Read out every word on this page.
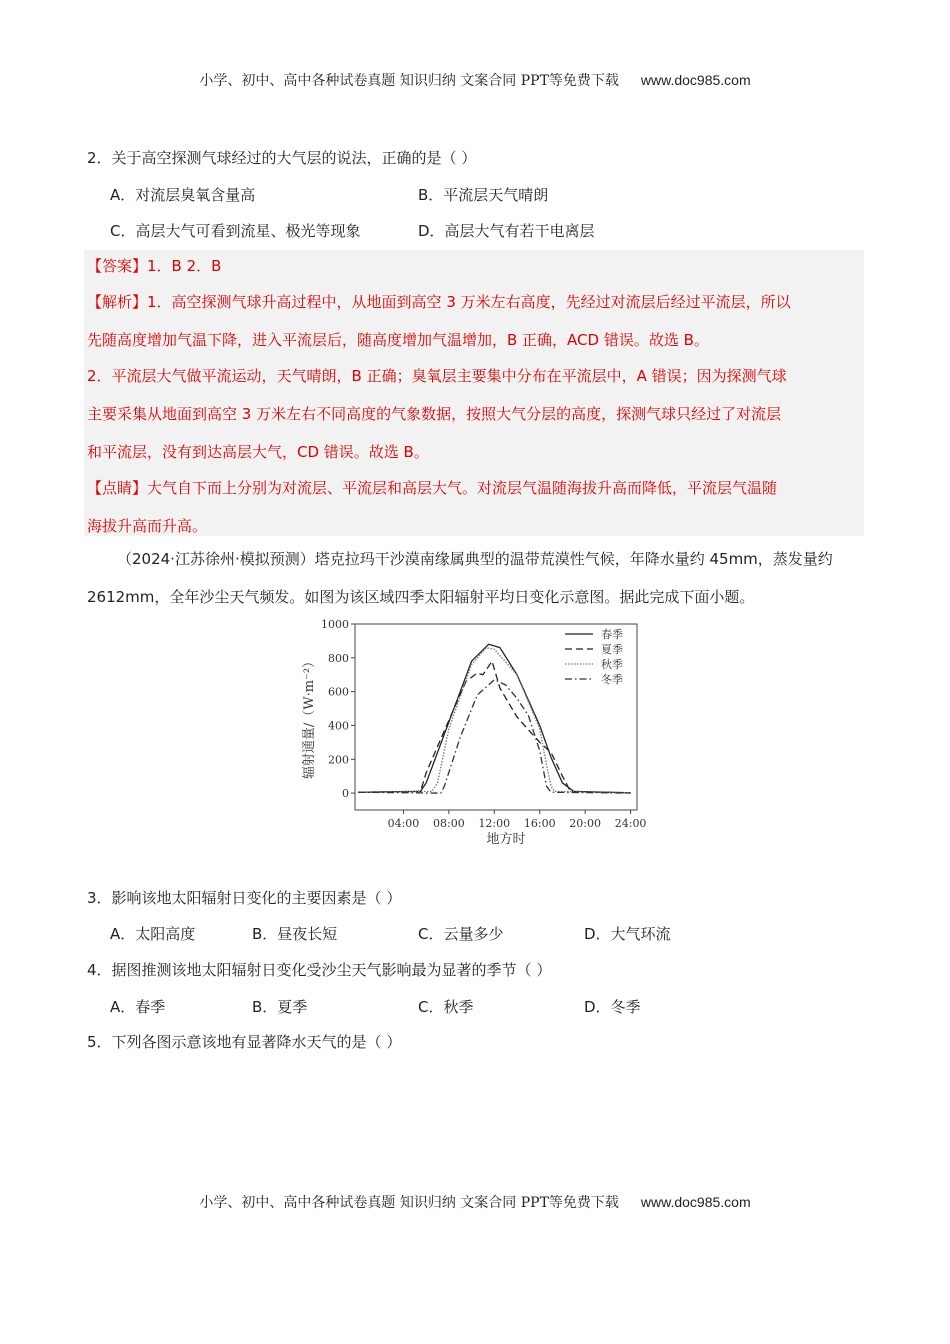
小学、初中、高中各种试卷真题 知识归纳 文案合同 PPT等免费下载 www.doc985.com
2．关于高空探测气球经过的大气层的说法，正确的是（ ）
A．对流层臭氧含量高	B．平流层天气晴朗
C．高层大气可看到流星、极光等现象	D．高层大气有若干电离层
【答案】1．B 2．B
【解析】1．高空探测气球升高过程中，从地面到高空 3 万米左右高度，先经过对流层后经过平流层，所以
先随高度增加气温下降，进入平流层后，随高度增加气温增加，B 正确，ACD 错误。故选 B。
2．平流层大气做平流运动，天气晴朗，B 正确；臭氧层主要集中分布在平流层中，A 错误；因为探测气球
主要采集从地面到高空 3 万米左右不同高度的气象数据，按照大气分层的高度，探测气球只经过了对流层
和平流层，没有到达高层大气，CD 错误。故选 B。
【点睛】大气自下而上分别为对流层、平流层和高层大气。对流层气温随海拔升高而降低，平流层气温随
海拔升高而升高。
（2024·江苏徐州·模拟预测）塔克拉玛干沙漠南缘属典型的温带荒漠性气候，年降水量约 45mm，蒸发量约 2612mm，全年沙尘天气频发。如图为该区域四季太阳辐射平均日变化示意图。据此完成下面小题。
0
200
400
600
800
1000
04:00 08:00 12:00 16:00 20:00 24:00
地方时
辐射通量/（W·m⁻²）
春季
夏季
秋季
冬季
3．影响该地太阳辐射日变化的主要因素是（ ）
A．太阳高度	B．昼夜长短	C．云量多少	D．大气环流
4．据图推测该地太阳辐射日变化受沙尘天气影响最为显著的季节（ ）
A．春季	B．夏季	C．秋季	D．冬季
5．下列各图示意该地有显著降水天气的是（ ）
小学、初中、高中各种试卷真题 知识归纳 文案合同 PPT等免费下载 www.doc985.com
